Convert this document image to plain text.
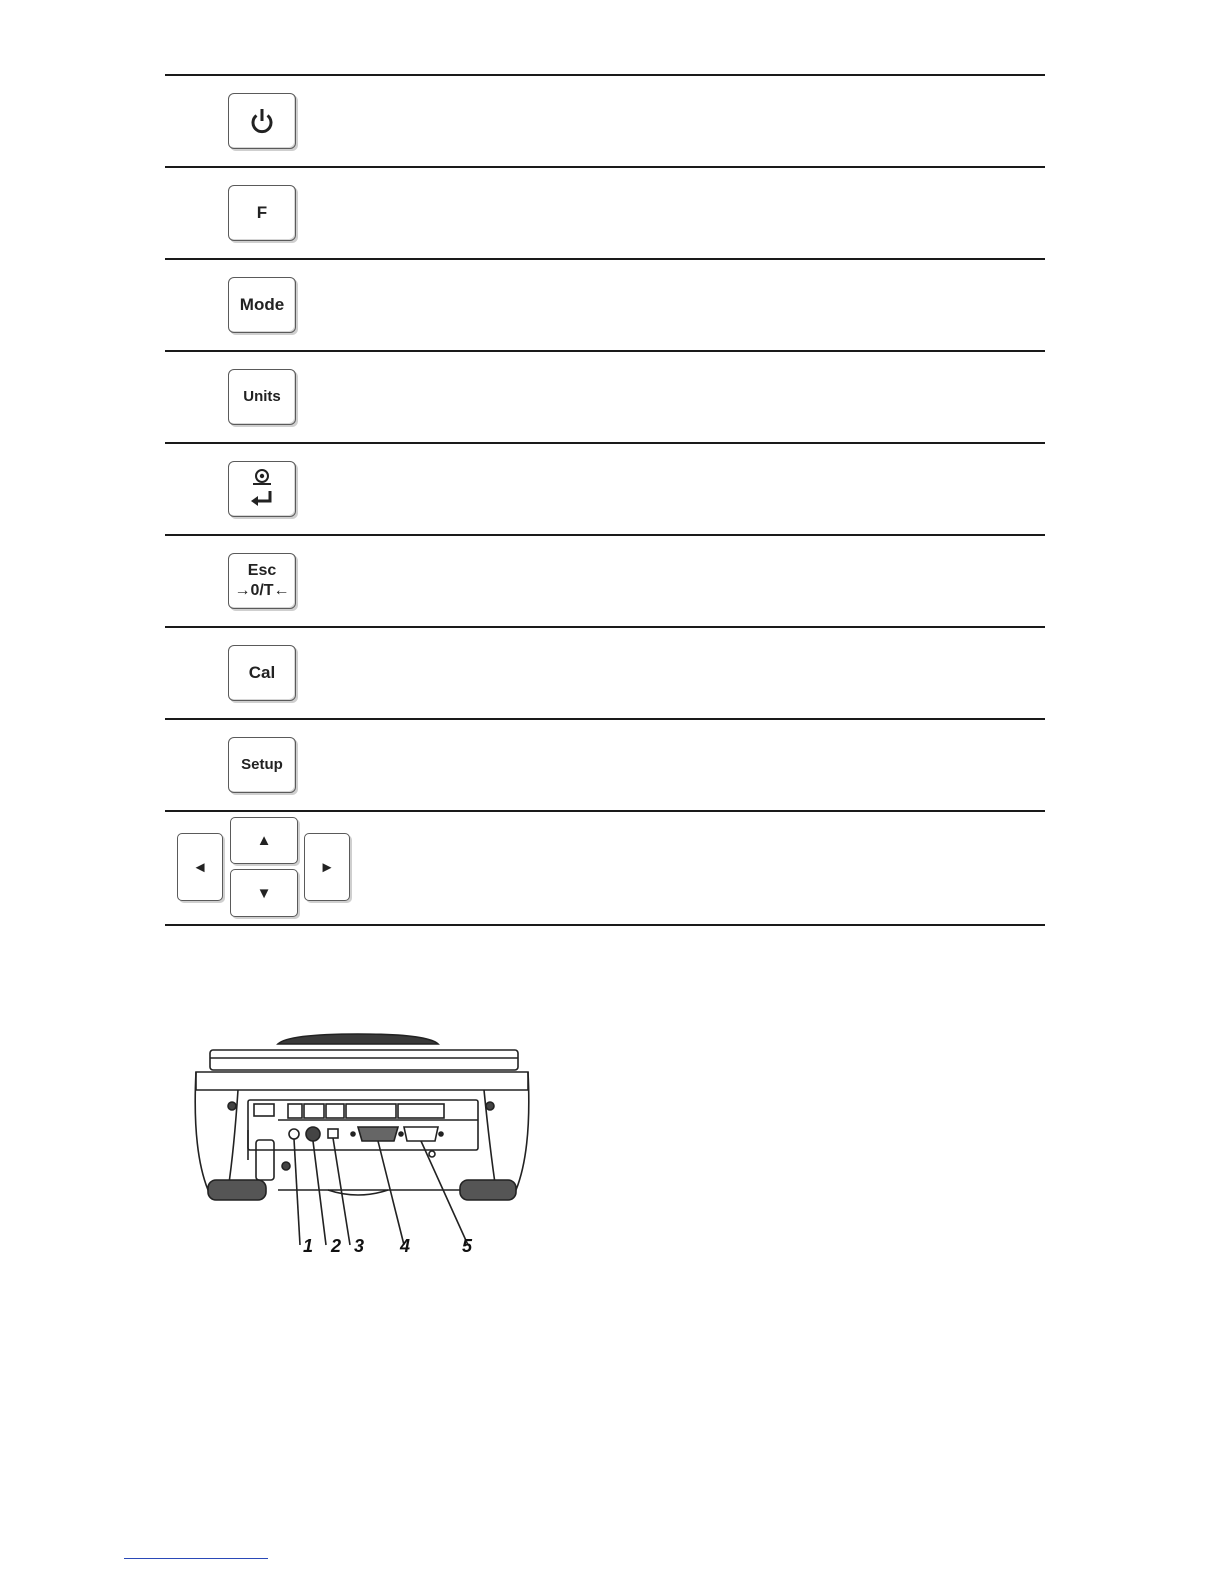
F
Mode
Units
Esc
→0/T←
Cal
Setup
◄
▲
▼
►
1 2 3 4	5
